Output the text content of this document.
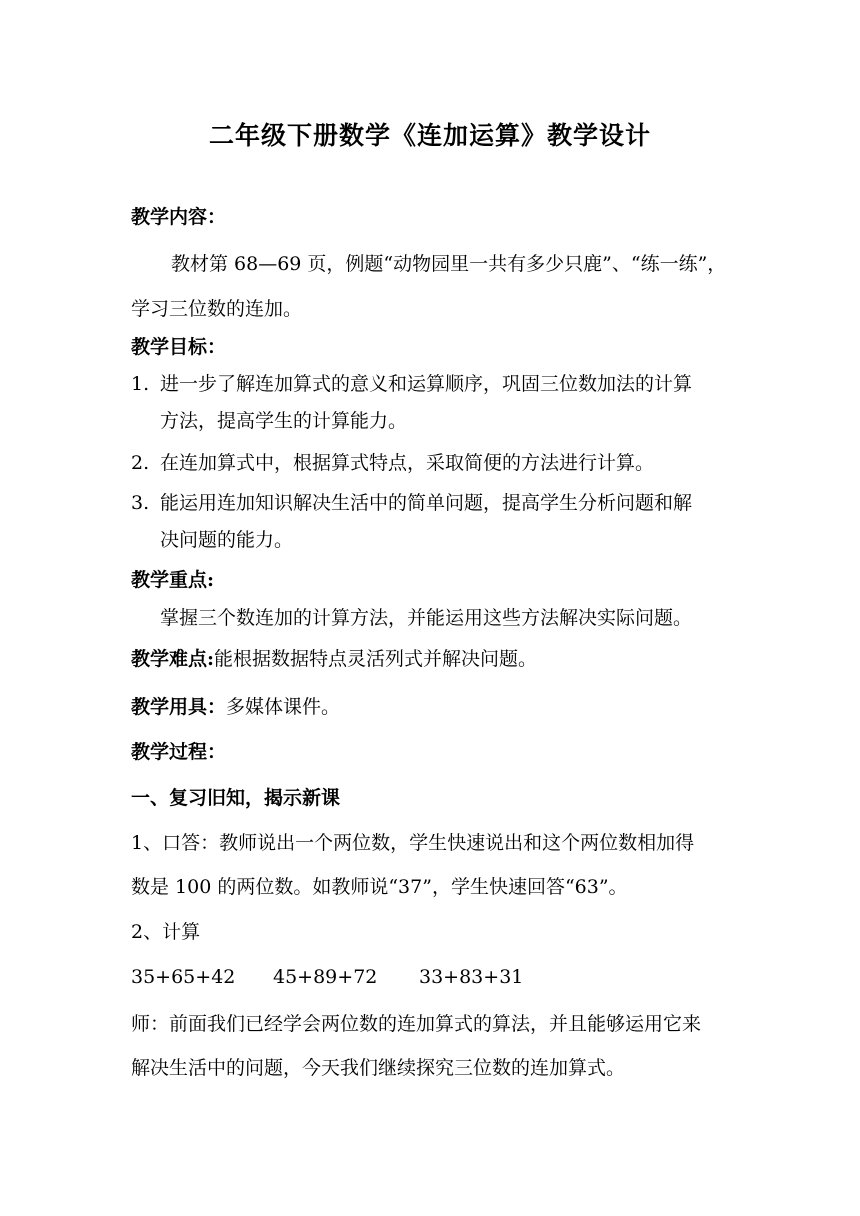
二年级下册数学《连加运算》教学设计
教学内容：
教材第 68—69 页，例题“动物园里一共有多少只鹿”、“练一练”，
学习三位数的连加。
教学目标：
1. 进一步了解连加算式的意义和运算顺序，巩固三位数加法的计算
方法，提高学生的计算能力。
2. 在连加算式中，根据算式特点，采取简便的方法进行计算。
3. 能运用连加知识解决生活中的简单问题，提高学生分析问题和解
决问题的能力。
教学重点:
掌握三个数连加的计算方法，并能运用这些方法解决实际问题。
教学难点:能根据数据特点灵活列式并解决问题。
教学用具：多媒体课件。
教学过程：
一、复习旧知，揭示新课
1、口答：教师说出一个两位数，学生快速说出和这个两位数相加得
数是 100 的两位数。如教师说“37”，学生快速回答“63”。
2、计算
35+65+42 45+89+72 33+83+31
师：前面我们已经学会两位数的连加算式的算法，并且能够运用它来
解决生活中的问题，今天我们继续探究三位数的连加算式。
